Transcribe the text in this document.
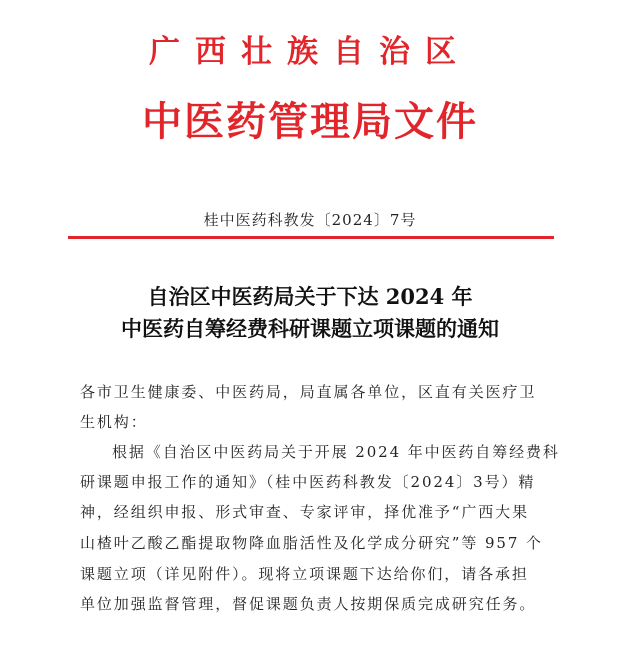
广西壮族自治区
中医药管理局文件
桂中医药科教发〔2024〕7号
自治区中医药局关于下达 2024 年
中医药自筹经费科研课题立项课题的通知
各市卫生健康委、中医药局，局直属各单位，区直有关医疗卫
生机构：
根据《自治区中医药局关于开展 2024 年中医药自筹经费科
研课题申报工作的通知》（桂中医药科教发〔2024〕3号）精
神，经组织申报、形式审查、专家评审，择优准予“广西大果
山楂叶乙酸乙酯提取物降血脂活性及化学成分研究”等 957 个
课题立项（详见附件）。现将立项课题下达给你们，请各承担
单位加强监督管理，督促课题负责人按期保质完成研究任务。
